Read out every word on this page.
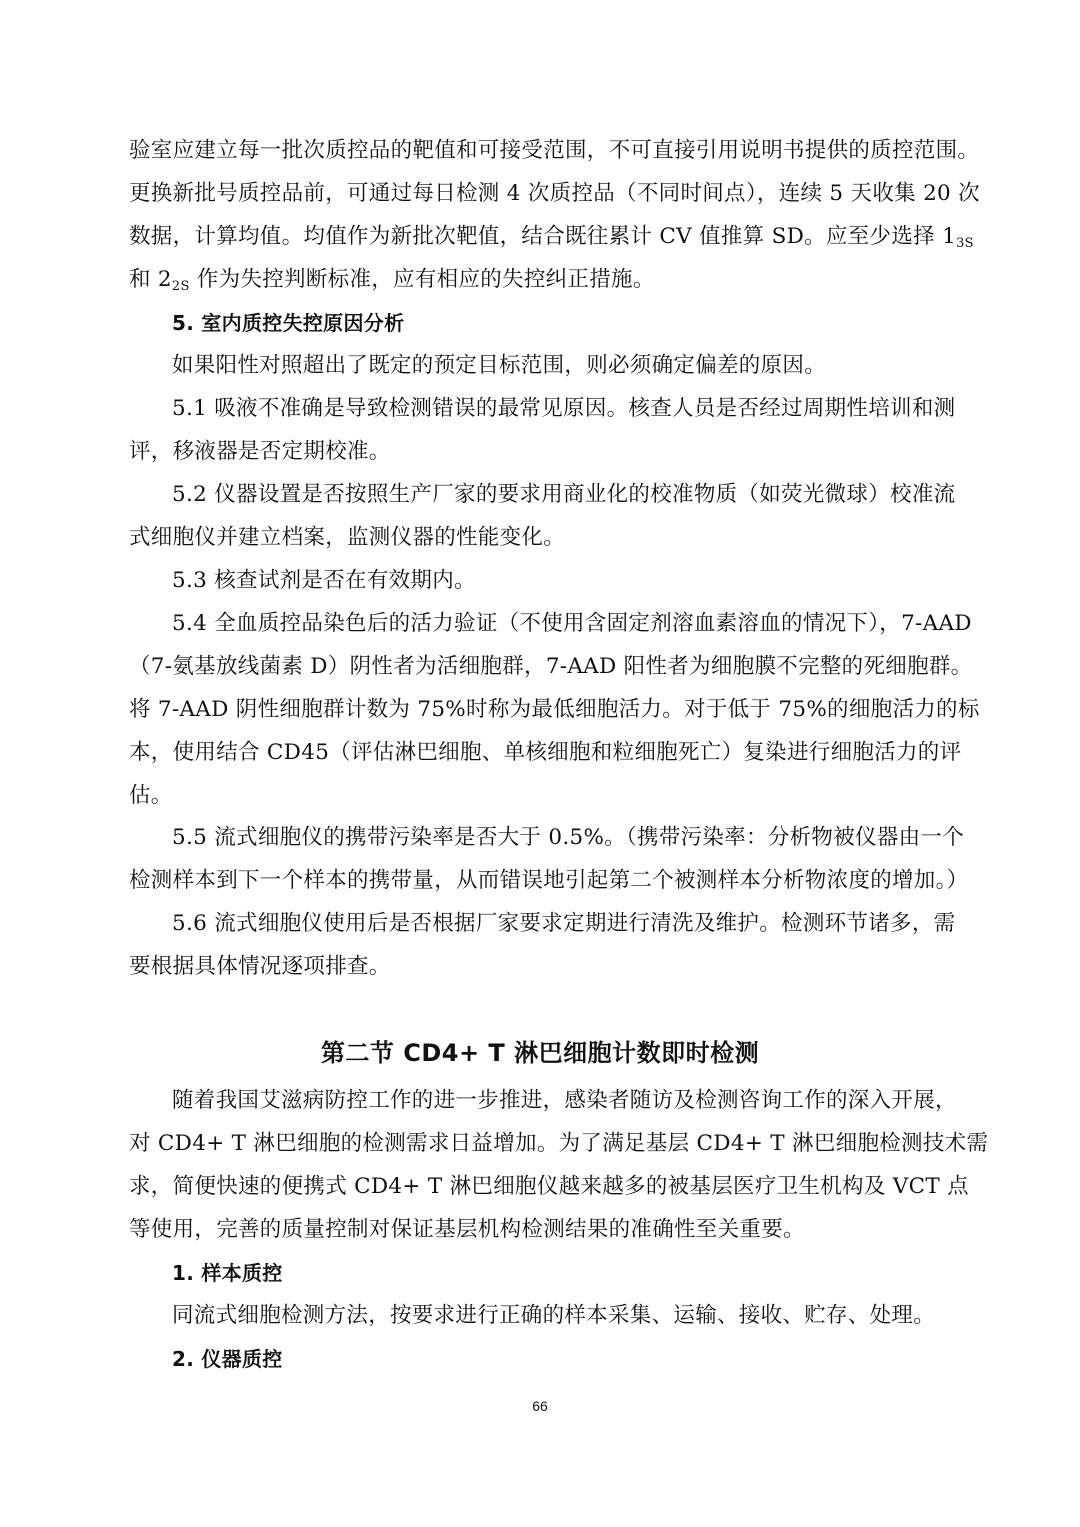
验室应建立每一批次质控品的靶值和可接受范围，不可直接引用说明书提供的质控范围。
更换新批号质控品前，可通过每日检测 4 次质控品（不同时间点），连续 5 天收集 20 次
数据，计算均值。均值作为新批次靶值，结合既往累计 CV 值推算 SD。应至少选择 $1_{3S}$
和 $2_{2S}$ 作为失控判断标准，应有相应的失控纠正措施。
5. 室内质控失控原因分析
如果阳性对照超出了既定的预定目标范围，则必须确定偏差的原因。
5.1 吸液不准确是导致检测错误的最常见原因。核查人员是否经过周期性培训和测
评，移液器是否定期校准。
5.2 仪器设置是否按照生产厂家的要求用商业化的校准物质（如荧光微球）校准流
式细胞仪并建立档案，监测仪器的性能变化。
5.3 核查试剂是否在有效期内。
5.4 全血质控品染色后的活力验证（不使用含固定剂溶血素溶血的情况下），7-AAD
（7-氨基放线菌素 D）阴性者为活细胞群，7-AAD 阳性者为细胞膜不完整的死细胞群。
将 7-AAD 阴性细胞群计数为 75%时称为最低细胞活力。对于低于 75%的细胞活力的标
本，使用结合 CD45（评估淋巴细胞、单核细胞和粒细胞死亡）复染进行细胞活力的评
估。
5.5 流式细胞仪的携带污染率是否大于 0.5%。（携带污染率：分析物被仪器由一个
检测样本到下一个样本的携带量，从而错误地引起第二个被测样本分析物浓度的增加。）
5.6 流式细胞仪使用后是否根据厂家要求定期进行清洗及维护。检测环节诸多，需
要根据具体情况逐项排查。
第二节 CD4+ T 淋巴细胞计数即时检测
随着我国艾滋病防控工作的进一步推进，感染者随访及检测咨询工作的深入开展，
对 CD4+ T 淋巴细胞的检测需求日益增加。为了满足基层 CD4+ T 淋巴细胞检测技术需
求，简便快速的便携式 CD4+ T 淋巴细胞仪越来越多的被基层医疗卫生机构及 VCT 点
等使用，完善的质量控制对保证基层机构检测结果的准确性至关重要。
1. 样本质控
同流式细胞检测方法，按要求进行正确的样本采集、运输、接收、贮存、处理。
2. 仪器质控
66
